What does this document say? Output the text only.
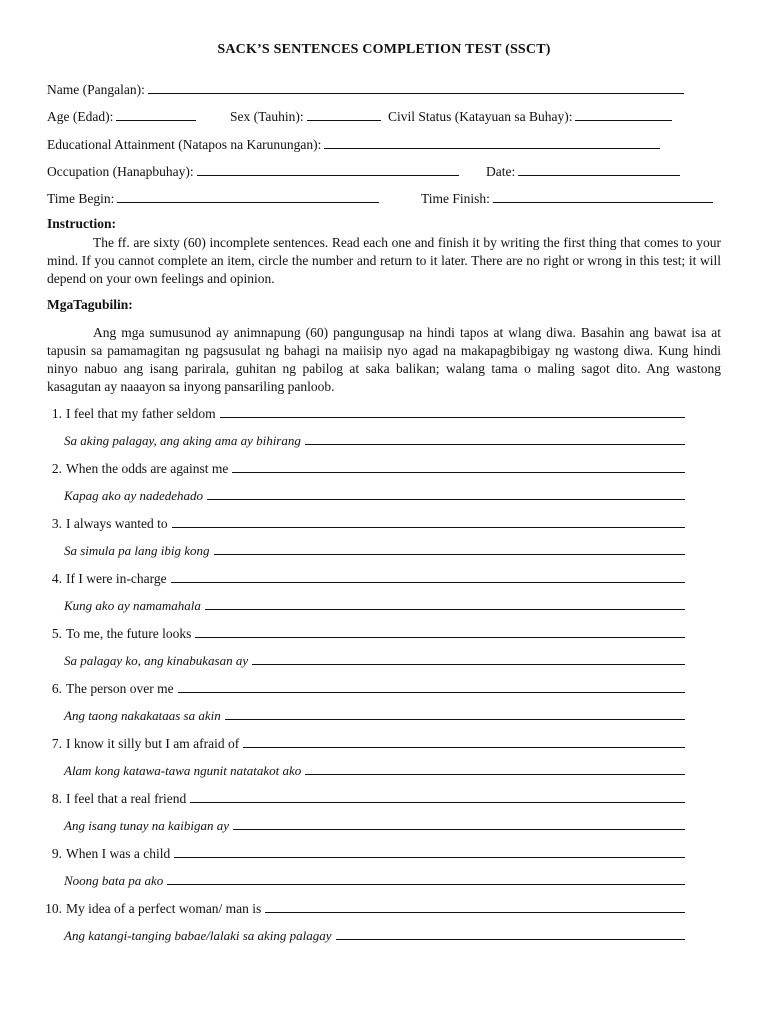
SACK’S SENTENCES COMPLETION TEST (SSCT)
Name (Pangalan):
Age (Edad):	Sex (Tauhin):	Civil Status (Katayuan sa Buhay):
Educational Attainment (Natapos na Karunungan):
Occupation (Hanapbuhay):	Date:
Time Begin:	Time Finish:
Instruction:
The ff. are sixty (60) incomplete sentences. Read each one and finish it by writing the first thing that comes to your mind. If you cannot complete an item, circle the number and return to it later. There are no right or wrong in this test; it will depend on your own feelings and opinion.
MgaTagubilin:
Ang mga sumusunod ay animnapung (60) pangungusap na hindi tapos at wlang diwa. Basahin ang bawat isa at tapusin sa pamamagitan ng pagsusulat ng bahagi na maiisip nyo agad na makapagbibigay ng wastong diwa. Kung hindi ninyo nabuo ang isang parirala, guhitan ng pabilog at saka balikan; walang tama o maling sagot dito. Ang wastong kasagutan ay naaayon sa inyong pansariling panloob.
1. I feel that my father seldom
Sa aking palagay, ang aking ama ay bihirang
2. When the odds are against me
Kapag ako ay nadedehado
3. I always wanted to
Sa simula pa lang ibig kong
4. If I were in-charge
Kung ako ay namamahala
5. To me, the future looks
Sa palagay ko, ang kinabukasan ay
6. The person over me
Ang taong nakakataas sa akin
7. I know it silly but I am afraid of
Alam kong katawa-tawa ngunit natatakot ako
8. I feel that a real friend
Ang isang tunay na kaibigan ay
9. When I was a child
Noong bata pa ako
10. My idea of a perfect woman/ man is
Ang katangi-tanging babae/lalaki sa aking palagay
